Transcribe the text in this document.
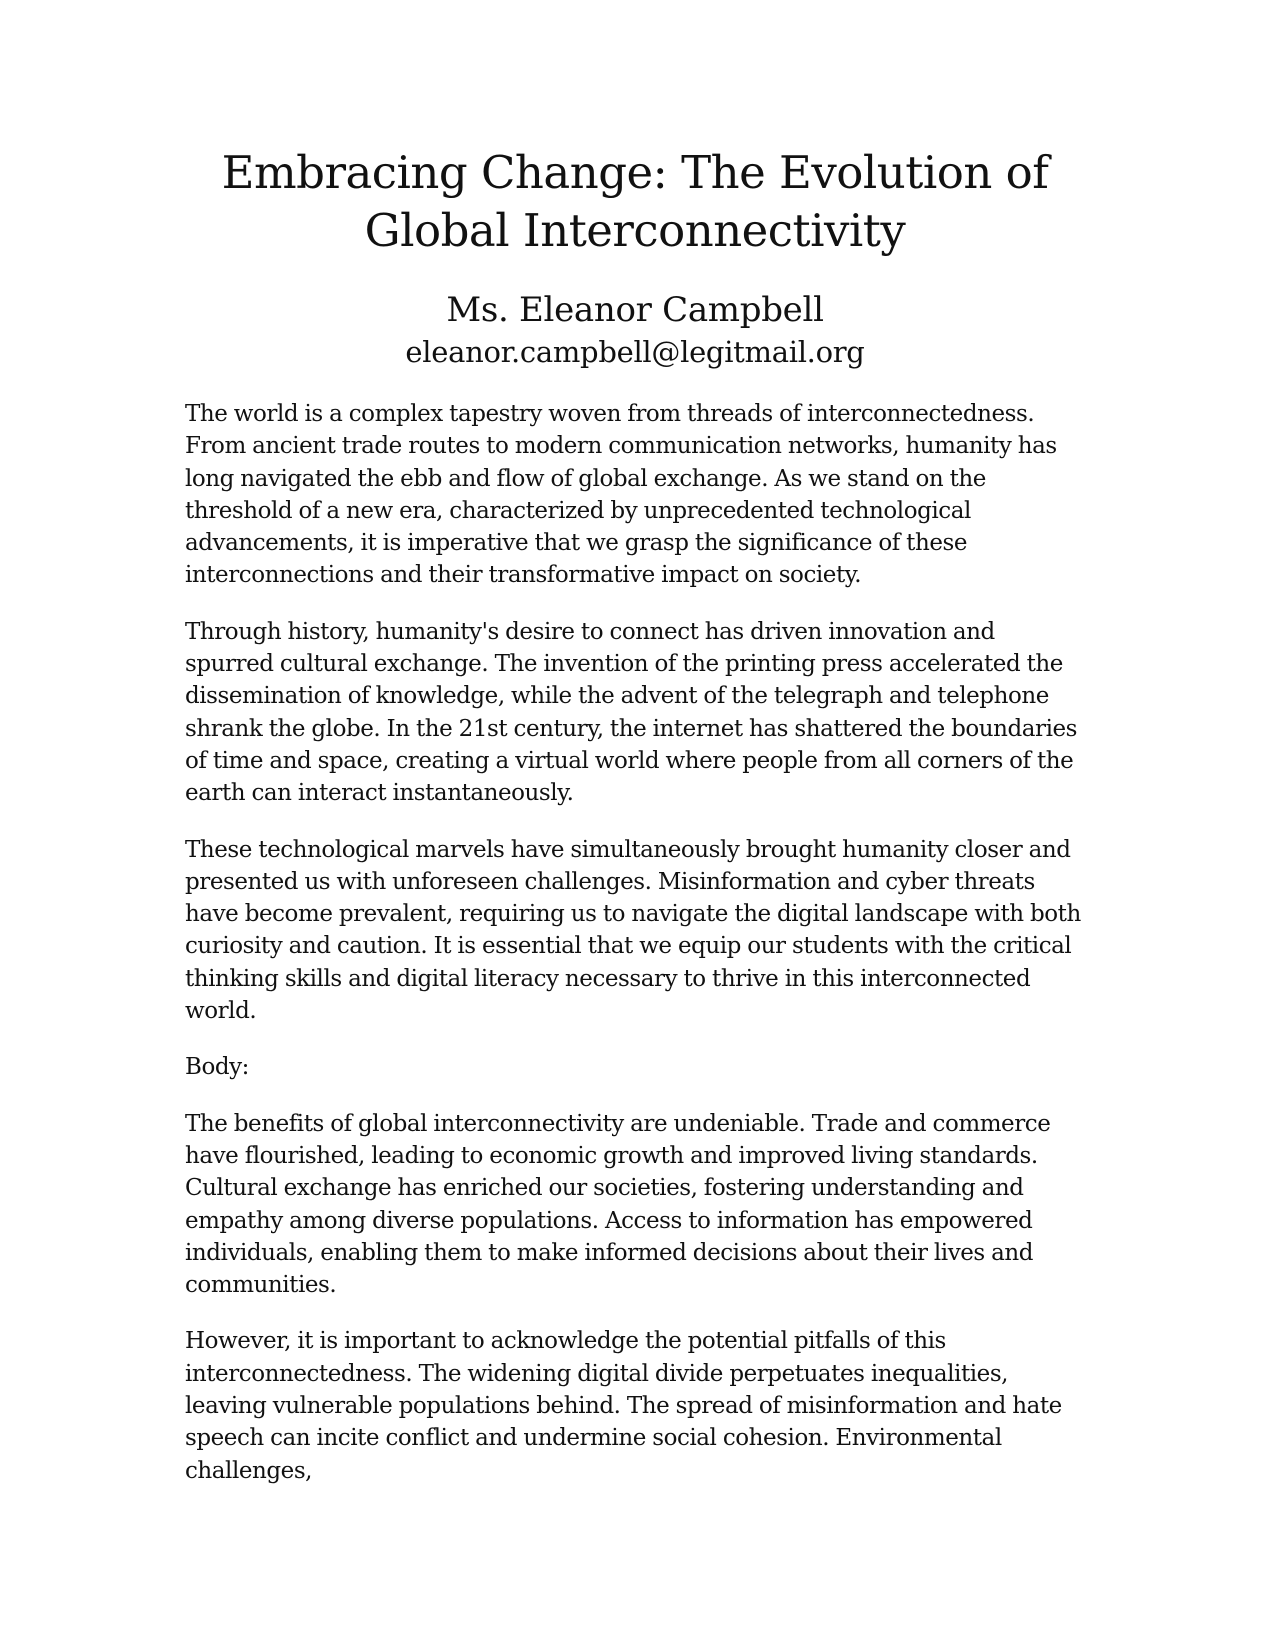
Embracing Change: The Evolution of Global Interconnectivity
Ms. Eleanor Campbell
eleanor.campbell@legitmail.org

The world is a complex tapestry woven from threads of interconnectedness. From ancient trade routes to modern communication networks, humanity has long navigated the ebb and flow of global exchange. As we stand on the threshold of a new era, characterized by unprecedented technological advancements, it is imperative that we grasp the significance of these interconnections and their transformative impact on society.

Through history, humanity's desire to connect has driven innovation and spurred cultural exchange. The invention of the printing press accelerated the dissemination of knowledge, while the advent of the telegraph and telephone shrank the globe. In the 21st century, the internet has shattered the boundaries of time and space, creating a virtual world where people from all corners of the earth can interact instantaneously.

These technological marvels have simultaneously brought humanity closer and presented us with unforeseen challenges. Misinformation and cyber threats have become prevalent, requiring us to navigate the digital landscape with both curiosity and caution. It is essential that we equip our students with the critical thinking skills and digital literacy necessary to thrive in this interconnected world.

Body:

The benefits of global interconnectivity are undeniable. Trade and commerce have flourished, leading to economic growth and improved living standards. Cultural exchange has enriched our societies, fostering understanding and empathy among diverse populations. Access to information has empowered individuals, enabling them to make informed decisions about their lives and communities.

However, it is important to acknowledge the potential pitfalls of this interconnectedness. The widening digital divide perpetuates inequalities, leaving vulnerable populations behind. The spread of misinformation and hate speech can incite conflict and undermine social cohesion. Environmental challenges,
